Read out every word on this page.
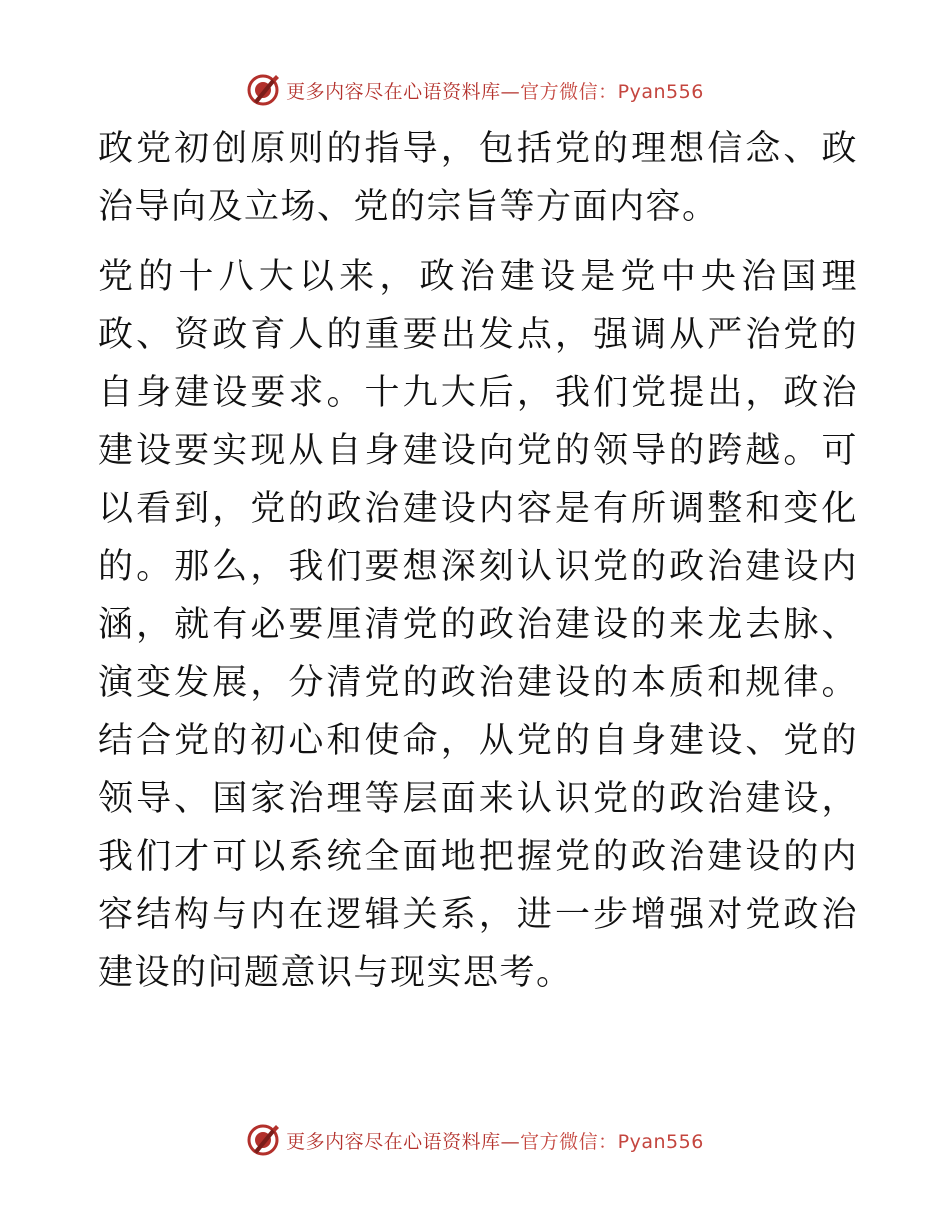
更多内容尽在心语资料库—官方微信：Pyan556

政党初创原则的指导，包括党的理想信念、政治导向及立场、党的宗旨等方面内容。

党的十八大以来，政治建设是党中央治国理政、资政育人的重要出发点，强调从严治党的自身建设要求。十九大后，我们党提出，政治建设要实现从自身建设向党的领导的跨越。可以看到，党的政治建设内容是有所调整和变化的。那么，我们要想深刻认识党的政治建设内涵，就有必要厘清党的政治建设的来龙去脉、演变发展，分清党的政治建设的本质和规律。结合党的初心和使命，从党的自身建设、党的领导、国家治理等层面来认识党的政治建设，我们才可以系统全面地把握党的政治建设的内容结构与内在逻辑关系，进一步增强对党政治建设的问题意识与现实思考。

更多内容尽在心语资料库—官方微信：Pyan556
